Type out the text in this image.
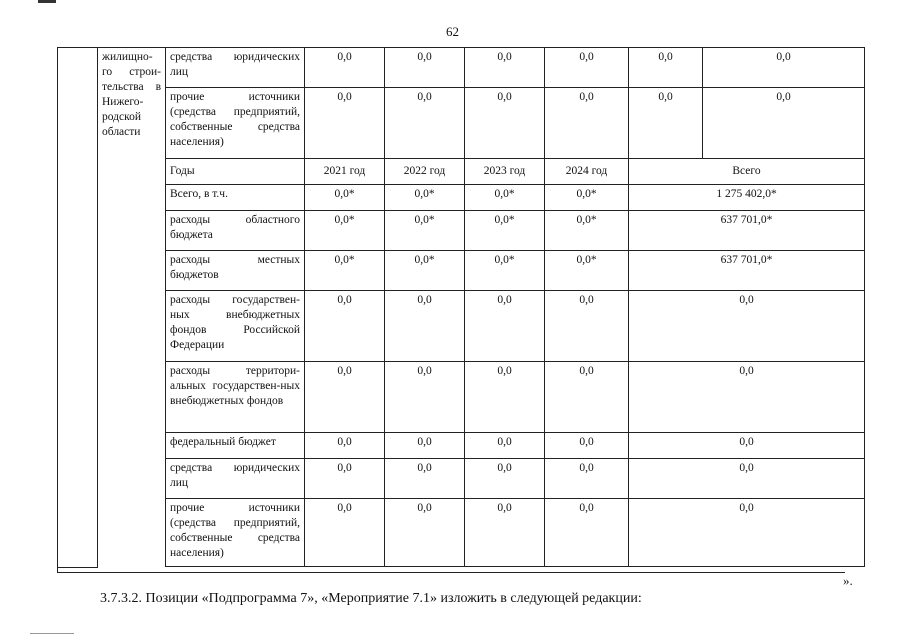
62
	жилищно-го строи-тельства в Нижего-родской области	средства юридических лиц	0,0	0,0	0,0	0,0	0,0	0,0
		прочие источники (средства предприятий, собственные средства населения)	0,0	0,0	0,0	0,0	0,0	0,0
		Годы	2021 год	2022 год	2023 год	2024 год	Всего	
		Всего, в т.ч.	0,0*	0,0*	0,0*	0,0*	1 275 402,0*	
		расходы областного бюджета	0,0*	0,0*	0,0*	0,0*	637 701,0*	
		расходы местных бюджетов	0,0*	0,0*	0,0*	0,0*	637 701,0*	
		расходы государствен-ных внебюджетных фондов Российской Федерации	0,0	0,0	0,0	0,0	0,0	
		расходы территори-альных государствен-ных внебюджетных фондов	0,0	0,0	0,0	0,0	0,0	
		федеральный бюджет	0,0	0,0	0,0	0,0	0,0	
		средства юридических лиц	0,0	0,0	0,0	0,0	0,0	
		прочие источники (средства предприятий, собственные средства населения)	0,0	0,0	0,0	0,0	0,0	

».
3.7.3.2. Позиции «Подпрограмма 7», «Мероприятие 7.1» изложить в следующей редакции:
